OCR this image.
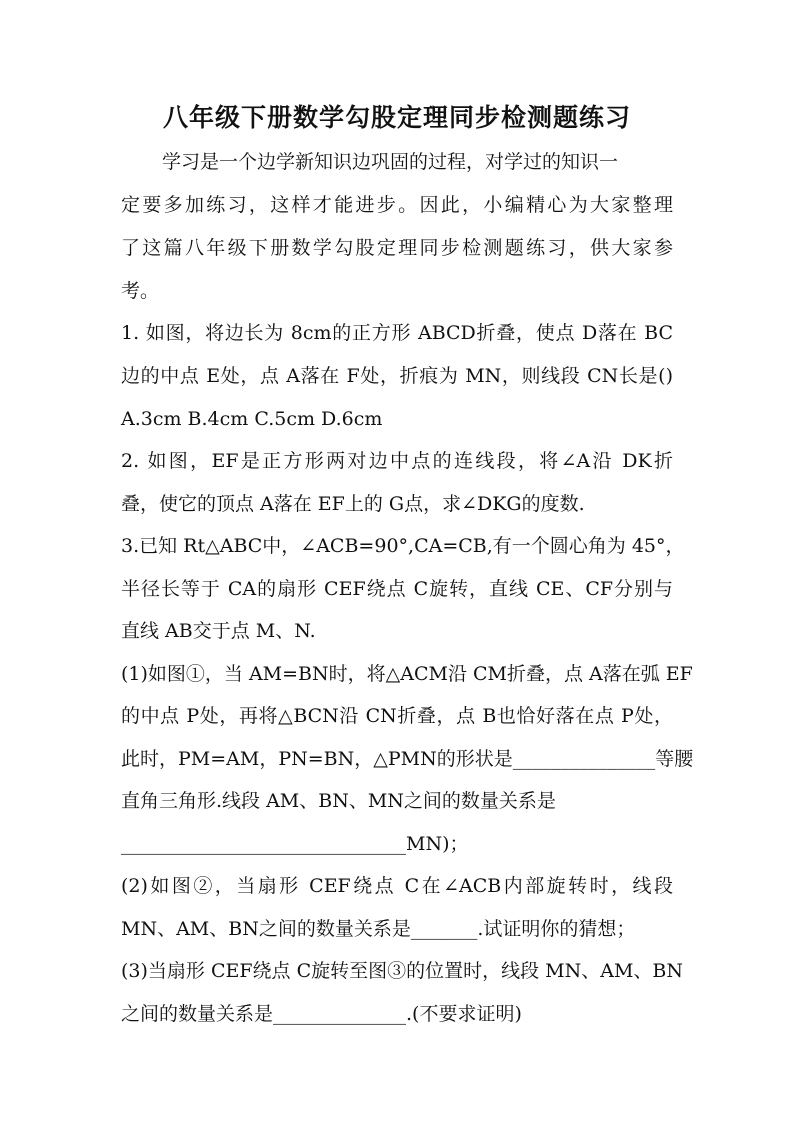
八年级下册数学勾股定理同步检测题练习
学习是一个边学新知识边巩固的过程，对学过的知识一
定要多加练习，这样才能进步。因此，小编精心为大家整理
了这篇八年级下册数学勾股定理同步检测题练习，供大家参
考。
1. 如图，将边长为 8cm的正方形 ABCD折叠，使点 D落在 BC
边的中点 E处，点 A落在 F处，折痕为 MN，则线段 CN长是()
A.3cm B.4cm C.5cm D.6cm
2. 如图，EF是正方形两对边中点的连线段，将∠A沿 DK折
叠，使它的顶点 A落在 EF上的 G点，求∠DKG的度数.
3.已知 Rt△ABC中，∠ACB=90°,CA=CB,有一个圆心角为 45°，
半径长等于 CA的扇形 CEF绕点 C旋转，直线 CE、CF分别与
直线 AB交于点 M、N.
(1)如图①，当 AM=BN时，将△ACM沿 CM折叠，点 A落在弧 EF
的中点 P处，再将△BCN沿 CN折叠，点 B也恰好落在点 P处，
此时，PM=AM，PN=BN，△PMN的形状是_______________等腰
直角三角形.线段 AM、BN、MN之间的数量关系是
______________________________MN)；
(2)如图②，当扇形 CEF绕点 C在∠ACB内部旋转时，线段
MN、AM、BN之间的数量关系是_______.试证明你的猜想；
(3)当扇形 CEF绕点 C旋转至图③的位置时，线段 MN、AM、BN
之间的数量关系是______________.(不要求证明)
